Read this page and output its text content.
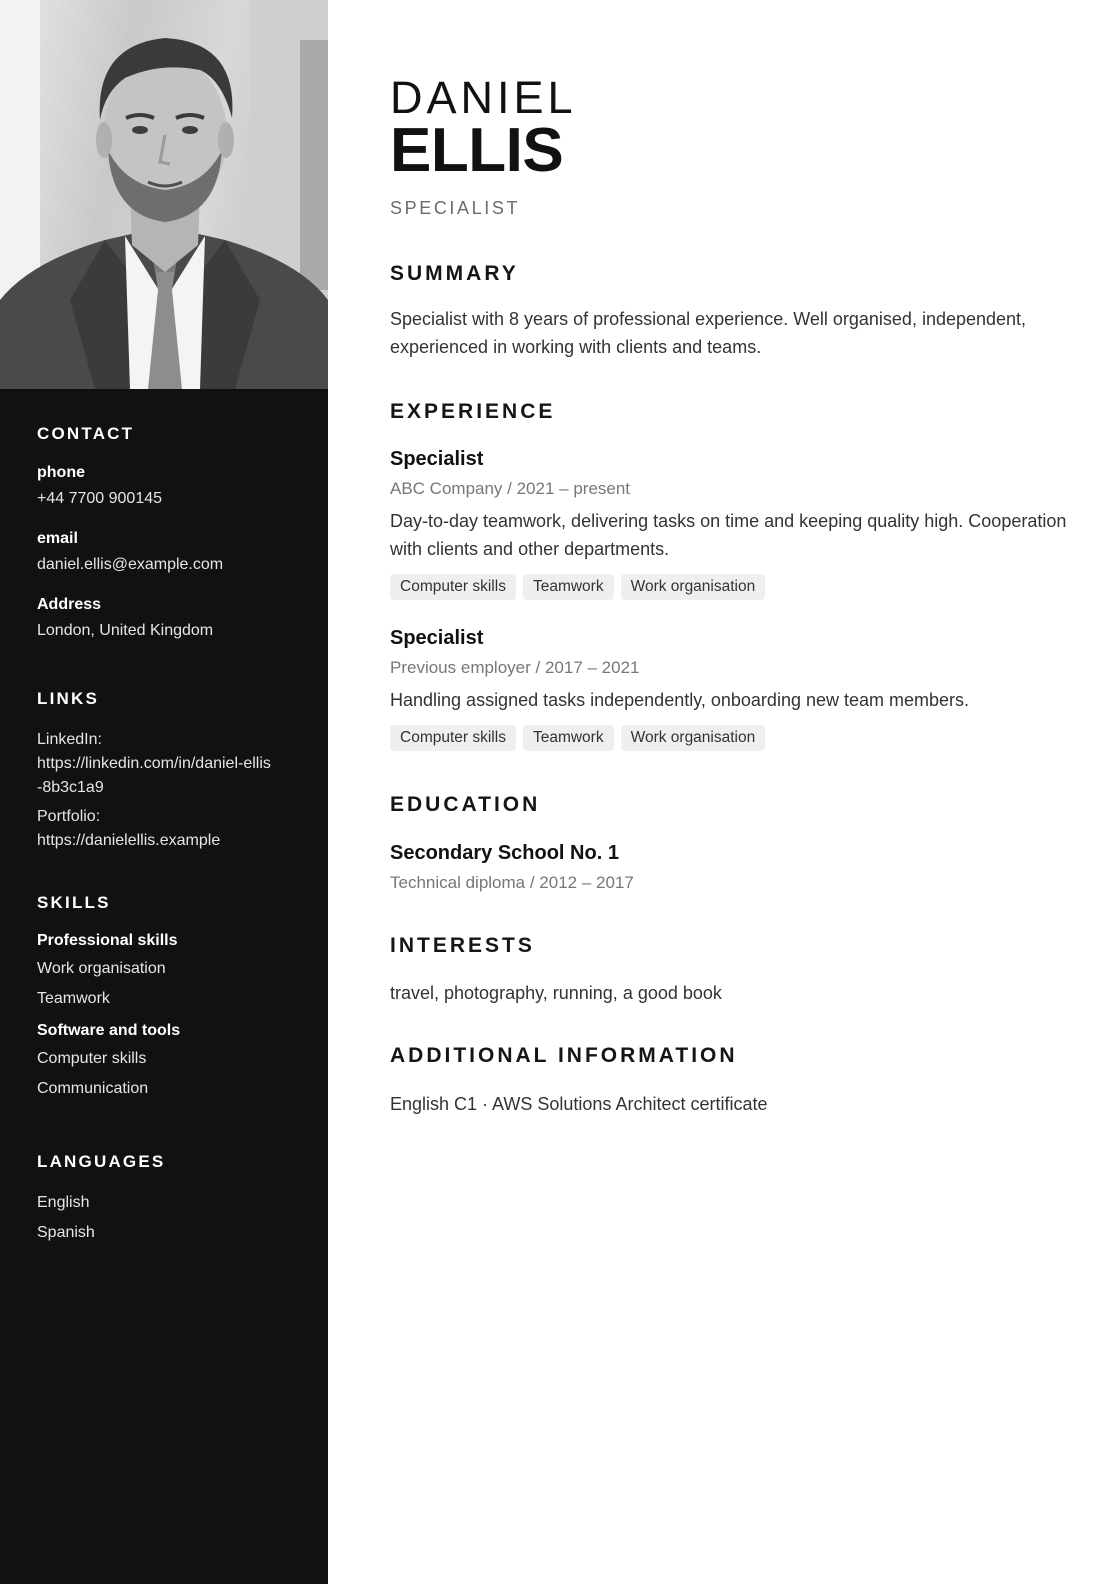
CONTACT
phone
+44 7700 900145
email
daniel.ellis@example.com
Address
London, United Kingdom
LINKS
LinkedIn:
https://linkedin.com/in/daniel-ellis-8b3c1a9
Portfolio:
https://danielellis.example
SKILLS
Professional skills
Work organisation
Teamwork
Software and tools
Computer skills
Communication
LANGUAGES
English
Spanish
DANIEL
ELLIS
SPECIALIST
SUMMARY
Specialist with 8 years of professional experience. Well organised, independent, experienced in working with clients and teams.
EXPERIENCE
Specialist
ABC Company / 2021 – present
Day-to-day teamwork, delivering tasks on time and keeping quality high. Cooperation with clients and other departments.
Computer skills	Teamwork	Work organisation
Specialist
Previous employer / 2017 – 2021
Handling assigned tasks independently, onboarding new team members.
Computer skills	Teamwork	Work organisation
EDUCATION
Secondary School No. 1
Technical diploma / 2012 – 2017
INTERESTS
travel, photography, running, a good book
ADDITIONAL INFORMATION
English C1 · AWS Solutions Architect certificate
